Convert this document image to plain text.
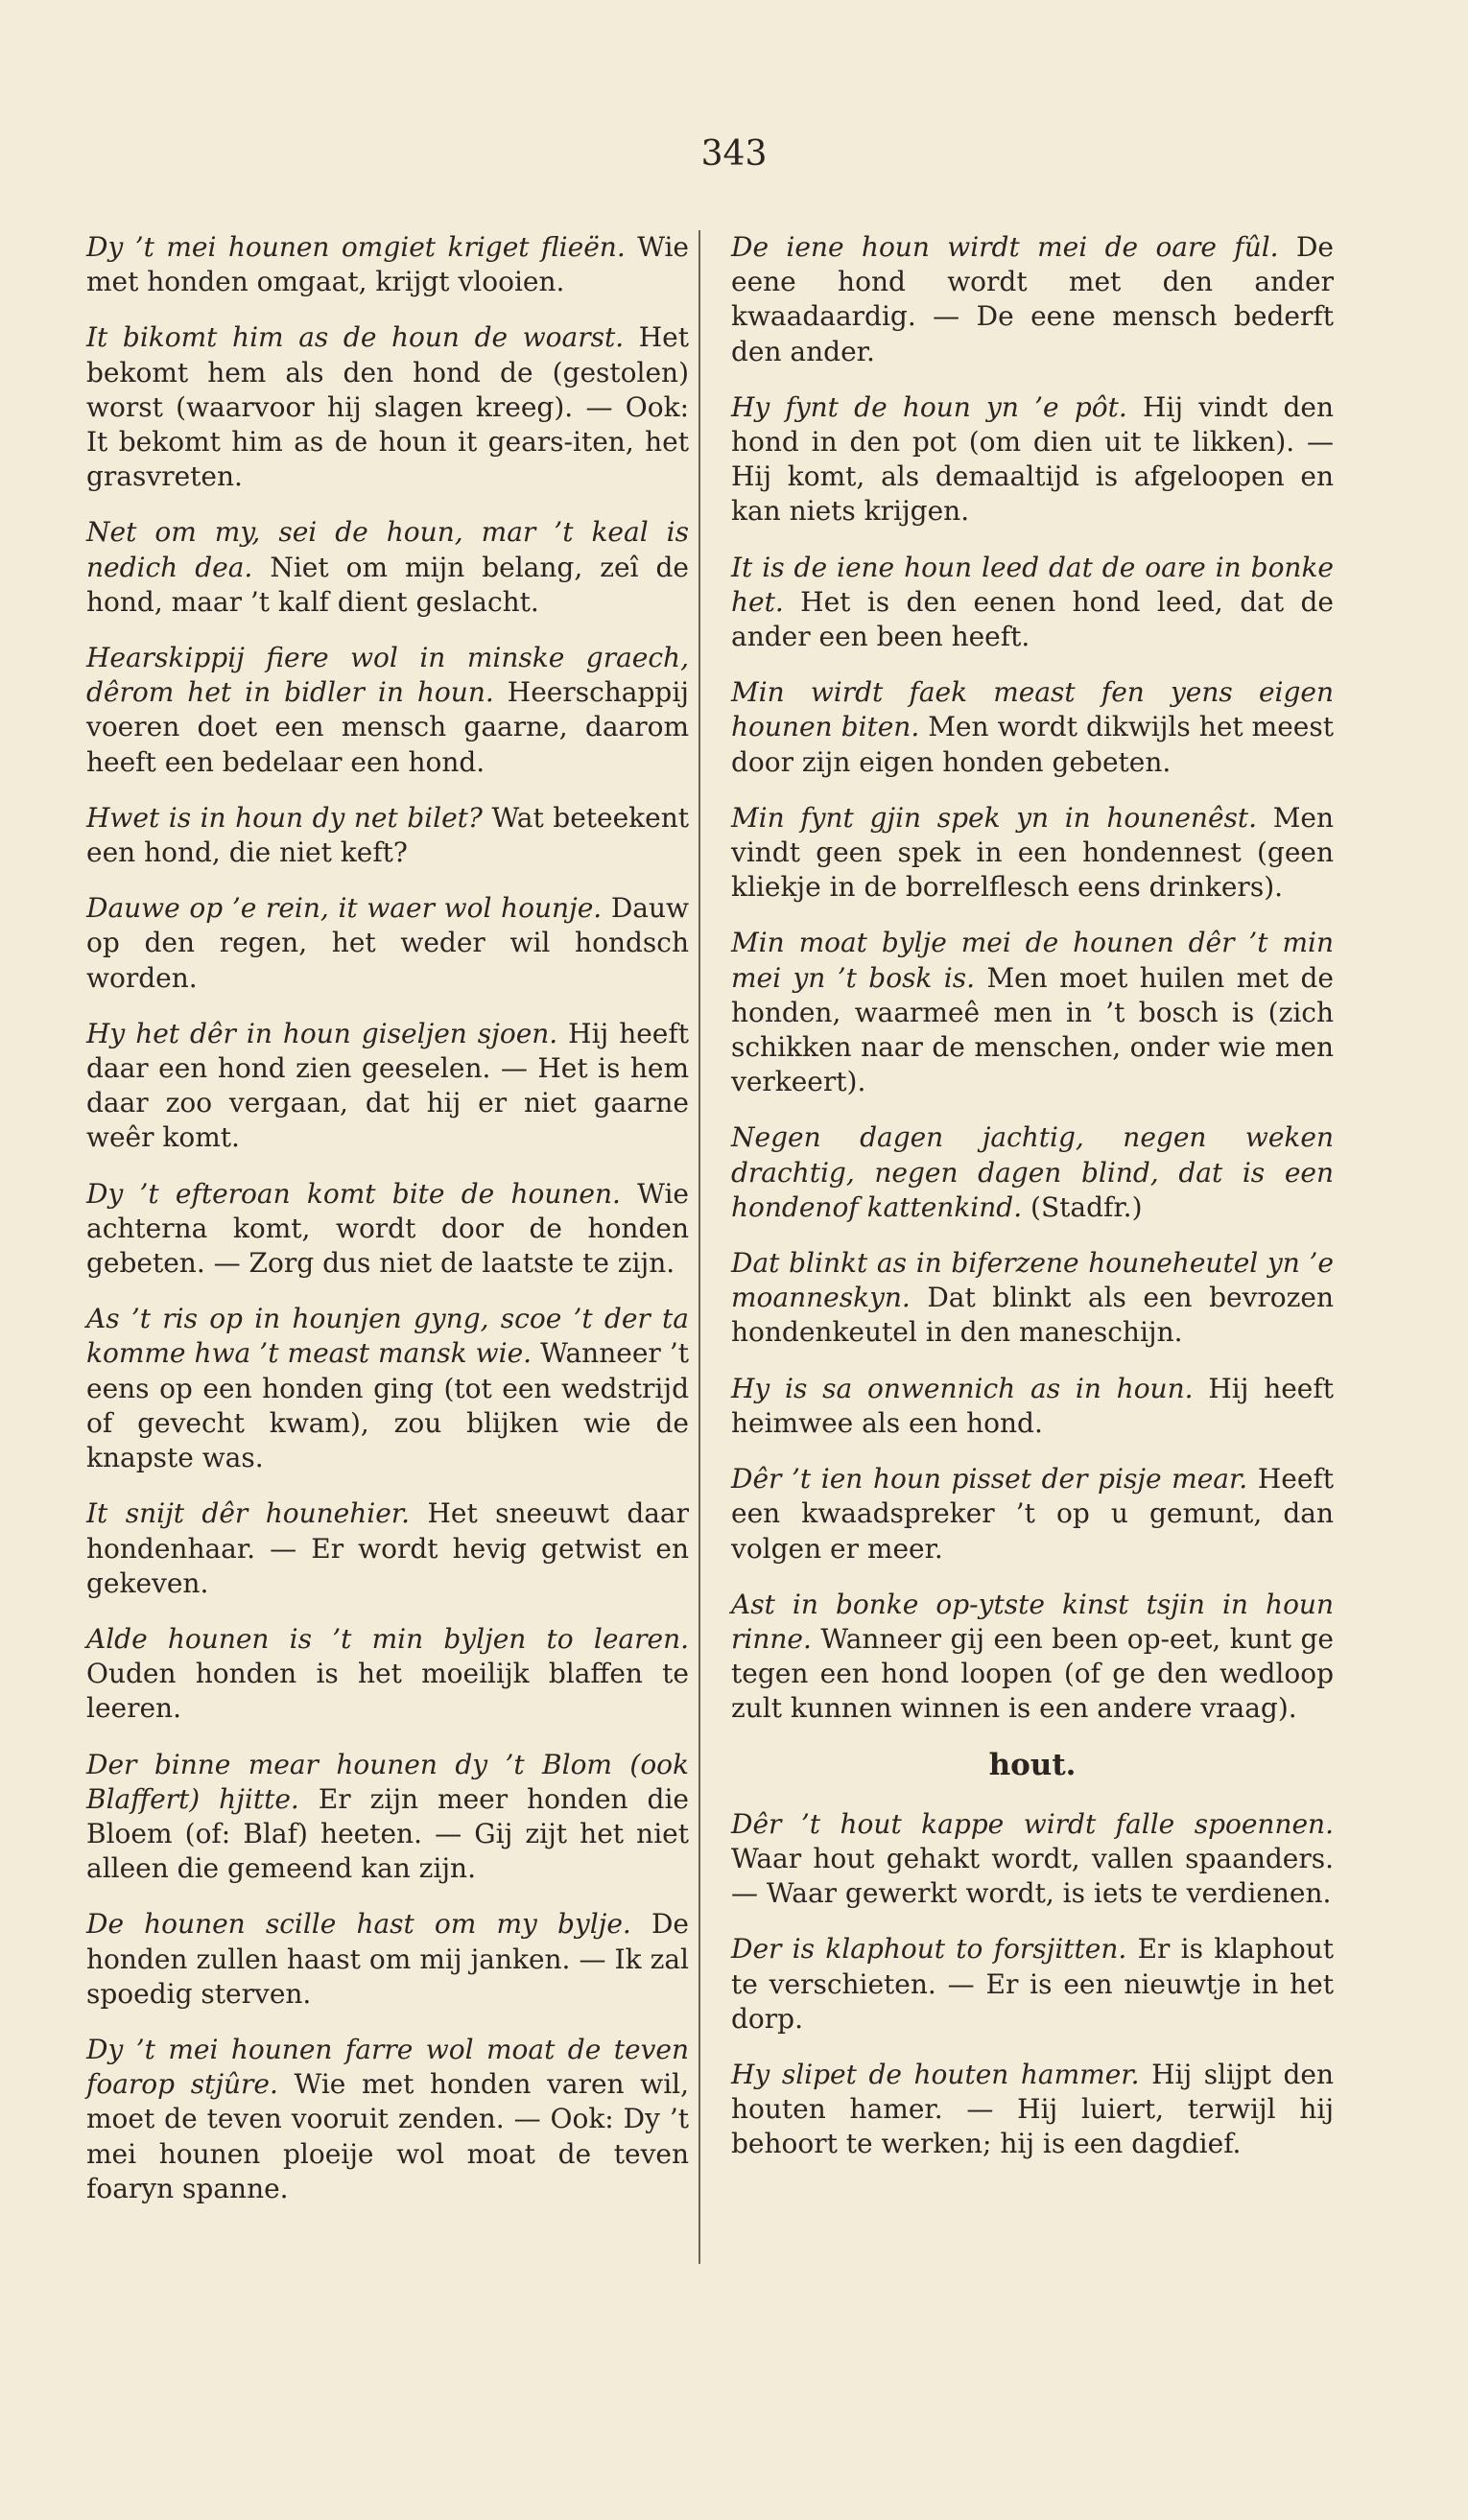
343
Dy ’t mei hounen omgiet kriget flieën. Wie met honden omgaat, krijgt vlooien.
It bikomt him as de houn de woarst. Het bekomt hem als den hond de (gestolen) worst (waarvoor hij slagen kreeg). — Ook: It bekomt him as de houn it gears-iten, het grasvreten.
Net om my, sei de houn, mar ’t keal is nedich dea. Niet om mijn belang, zeî de hond, maar ’t kalf dient geslacht.
Hearskippij fiere wol in minske graech, dêrom het in bidler in houn. Heerschappij voeren doet een mensch gaarne, daarom heeft een bedelaar een hond.
Hwet is in houn dy net bilet? Wat beteekent een hond, die niet keft?
Dauwe op ’e rein, it waer wol hounje. Dauw op den regen, het weder wil hondsch worden.
Hy het dêr in houn giseljen sjoen. Hij heeft daar een hond zien geeselen. — Het is hem daar zoo vergaan, dat hij er niet gaarne weêr komt.
Dy ’t efteroan komt bite de hounen. Wie achterna komt, wordt door de honden gebeten. — Zorg dus niet de laatste te zijn.
As ’t ris op in hounjen gyng, scoe ’t der ta komme hwa ’t meast mansk wie. Wanneer ’t eens op een honden ging (tot een wedstrijd of gevecht kwam), zou blijken wie de knapste was.
It snijt dêr hounehier. Het sneeuwt daar hondenhaar. — Er wordt hevig getwist en gekeven.
Alde hounen is ’t min byljen to learen. Ouden honden is het moeilijk blaffen te leeren.
Der binne mear hounen dy ’t Blom (ook Blaffert) hjitte. Er zijn meer honden die Bloem (of: Blaf) heeten. — Gij zijt het niet alleen die gemeend kan zijn.
De hounen scille hast om my bylje. De honden zullen haast om mij janken. — Ik zal spoedig sterven.
Dy ’t mei hounen farre wol moat de teven foarop stjûre. Wie met honden varen wil, moet de teven vooruit zenden. — Ook: Dy ’t mei hounen ploeije wol moat de teven foaryn spanne.
De iene houn wirdt mei de oare fûl. De eene hond wordt met den ander kwaadaardig. — De eene mensch bederft den ander.
Hy fynt de houn yn ’e pôt. Hij vindt den hond in den pot (om dien uit te likken). — Hij komt, als demaaltijd is afgeloopen en kan niets krijgen.
It is de iene houn leed dat de oare in bonke het. Het is den eenen hond leed, dat de ander een been heeft.
Min wirdt faek meast fen yens eigen hounen biten. Men wordt dikwijls het meest door zijn eigen honden gebeten.
Min fynt gjin spek yn in hounenêst. Men vindt geen spek in een hondennest (geen kliekje in de borrelflesch eens drinkers).
Min moat bylje mei de hounen dêr ’t min mei yn ’t bosk is. Men moet huilen met de honden, waarmeê men in ’t bosch is (zich schikken naar de menschen, onder wie men verkeert).
Negen dagen jachtig, negen weken drachtig, negen dagen blind, dat is een hondenof kattenkind. (Stadfr.)
Dat blinkt as in biferzene houneheutel yn ’e moanneskyn. Dat blinkt als een bevrozen hondenkeutel in den maneschijn.
Hy is sa onwennich as in houn. Hij heeft heimwee als een hond.
Dêr ’t ien houn pisset der pisje mear. Heeft een kwaadspreker ’t op u gemunt, dan volgen er meer.
Ast in bonke op-ytste kinst tsjin in houn rinne. Wanneer gij een been op-eet, kunt ge tegen een hond loopen (of ge den wedloop zult kunnen winnen is een andere vraag).
hout.
Dêr ’t hout kappe wirdt falle spoennen. Waar hout gehakt wordt, vallen spaanders. — Waar gewerkt wordt, is iets te verdienen.
Der is klaphout to forsjitten. Er is klaphout te verschieten. — Er is een nieuwtje in het dorp.
Hy slipet de houten hammer. Hij slijpt den houten hamer. — Hij luiert, terwijl hij behoort te werken; hij is een dagdief.
